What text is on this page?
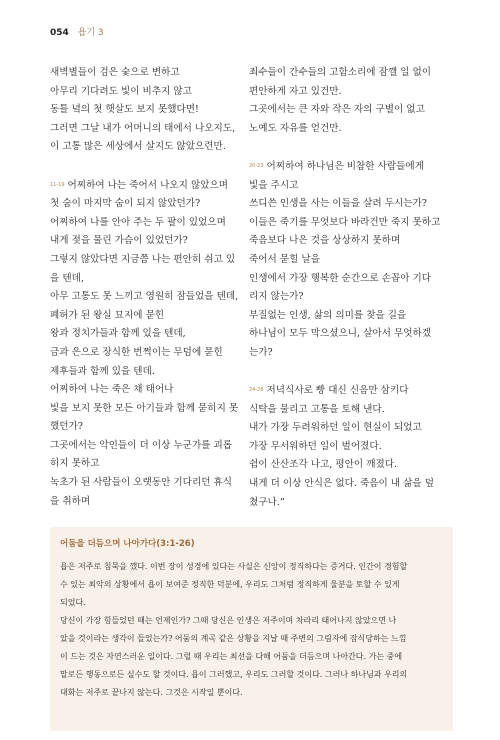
054 욥기 3
새벽별들이 검은 숯으로 변하고
아무리 기다려도 빛이 비추지 않고
동틀 녘의 첫 햇살도 보지 못했다면!
그러면 그날 내가 어머니의 태에서 나오지도,
이 고통 많은 세상에서 살지도 않았으련만.
$^{11-19}$ 어찌하여 나는 죽어서 나오지 않았으며
첫 숨이 마지막 숨이 되지 않았던가?
어찌하여 나를 안아 주는 두 팔이 있었으며
내게 젖을 물린 가슴이 있었던가?
그렇지 않았다면 지금쯤 나는 편안히 쉬고 있
을 텐데,
아무 고통도 못 느끼고 영원히 잠들었을 텐데,
폐허가 된 왕실 묘지에 묻힌
왕과 정치가들과 함께 있을 텐데,
금과 은으로 장식한 번쩍이는 무덤에 묻힌
제후들과 함께 있을 텐데.
어찌하여 나는 죽은 채 태어나
빛을 보지 못한 모든 아기들과 함께 묻히지 못
했던가?
그곳에서는 악인들이 더 이상 누군가를 괴롭
히지 못하고
녹초가 된 사람들이 오랫동안 기다리던 휴식
을 취하며
죄수들이 간수들의 고함소리에 잠깰 일 없이
편안하게 자고 있건만.
그곳에서는 큰 자와 작은 자의 구별이 없고
노예도 자유를 얻건만.
$^{20-23}$ 어찌하여 하나님은 비참한 사람들에게
빛을 주시고
쓰디쓴 인생을 사는 이들을 살려 두시는가?
이들은 죽기를 무엇보다 바라건만 죽지 못하고
죽음보다 나은 것을 상상하지 못하며
죽어서 묻힐 날을
인생에서 가장 행복한 순간으로 손꼽아 기다
리지 않는가?
부질없는 인생, 삶의 의미를 찾을 길을
하나님이 모두 막으셨으니, 살아서 무엇하겠
는가?
$^{24-26}$ 저녁식사로 빵 대신 신음만 삼키다
식탁을 물리고 고통을 토해 낸다.
내가 가장 두려워하던 일이 현실이 되었고
가장 무서워하던 일이 벌어졌다.
쉼이 산산조각 나고, 평안이 깨졌다.
내게 더 이상 안식은 없다. 죽음이 내 삶을 덮
쳤구나.”
어둠을 더듬으며 나아가다(3:1-26)
욥은 저주로 침묵을 깼다. 이번 장이 성경에 있다는 사실은 신앙이 정직하다는 증거다. 인간이 경험할
수 있는 최악의 상황에서 욥이 보여준 정직한 덕분에, 우리도 그처럼 정직하게 울분을 토할 수 있게
되었다.
당신이 가장 힘들었던 때는 언제인가? 그때 당신은 인생은 저주이며 차라리 태어나지 않았으면 나
았을 것이라는 생각이 들었는가? 어둠의 계곡 같은 상황을 지날 때 주변의 그림자에 잠식당하는 느낌
이 드는 것은 자연스러운 일이다. 그럴 때 우리는 최선을 다해 어둠을 더듬으며 나아간다. 가는 중에
말로든 행동으로든 실수도 할 것이다. 욥이 그러했고, 우리도 그러할 것이다. 그러나 하나님과 우리의
대화는 저주로 끝나지 않는다. 그것은 시작일 뿐이다.
